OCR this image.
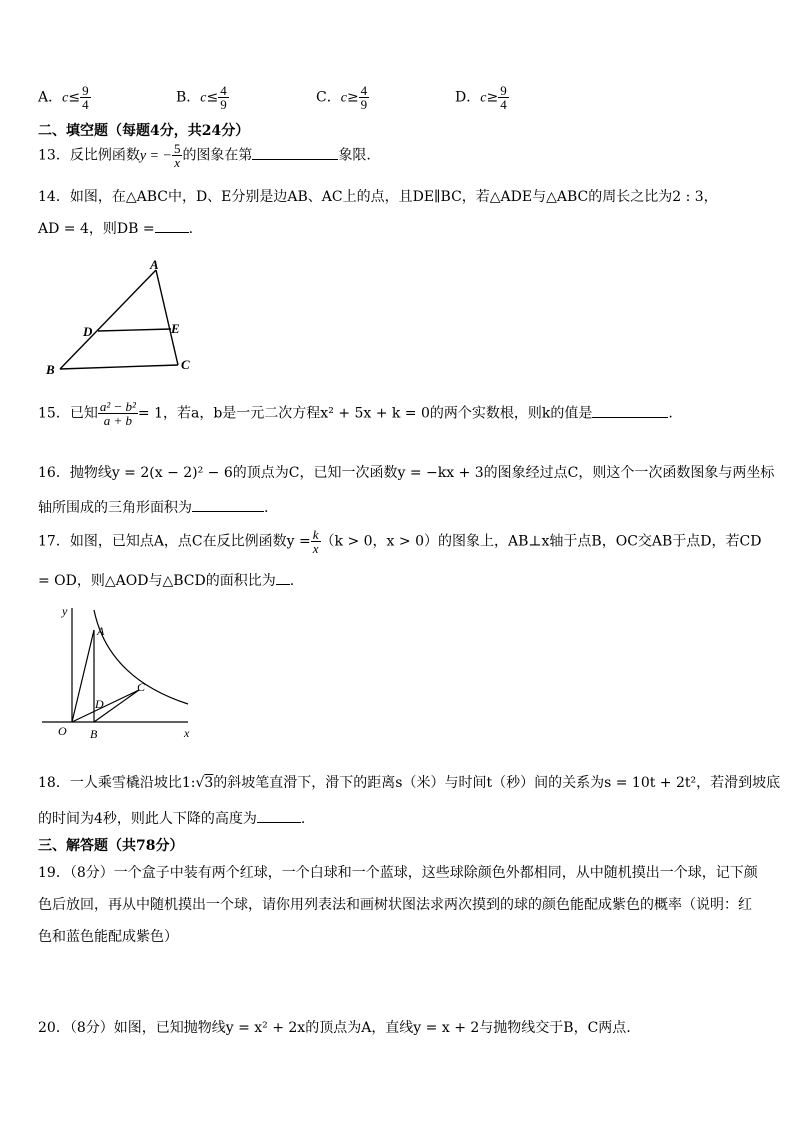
A．$c\le \frac{9}{4}$	B．$c\le \frac{4}{9}$	C．$c\ge \frac{4}{9}$	D．$c\ge \frac{9}{4}$
二、填空题（每题4分，共24分）
13．反比例函数y = − $\frac{5}{x}$ 的图象在第	象限.
14．如图，在△ABC中，D、E分别是边AB、AC上的点，且DE∥BC，若△ADE与△ABC的周长之比为2 : 3，
AD = 4，则DB = .
A
B	C
D	E
15．已知 $\frac{\text{a² − b²}}{a + b} = 1$，若a，b是一元二次方程x² + 5x + k = 0的两个实数根，则k的值是	.
16．抛物线y = 2(x − 2)² − 6的顶点为C，已知一次函数y = −kx + 3的图象经过点C，则这个一次函数图象与两坐标
轴所围成的三角形面积为	.
17．如图，已知点A，点C在反比例函数$y = \frac{k}{x} (k > 0$，x > 0）的图象上，AB⊥x轴于点B，OC交AB于点D，若CD
= OD，则△AOD与△BCD的面积比为 .
y
x
A
C
D
O B
18．一人乘雪橇沿坡比1:√3的斜坡笔直滑下，滑下的距离s（米）与时间t（秒）间的关系为s = 10t + 2t²，若滑到坡底
的时间为4秒，则此人下降的高度为	.
三、解答题（共78分）
19．（8分）一个盒子中装有两个红球，一个白球和一个蓝球，这些球除颜色外都相同，从中随机摸出一个球，记下颜
色后放回，再从中随机摸出一个球，请你用列表法和画树状图法求两次摸到的球的颜色能配成紫色的概率（说明：红
色和蓝色能配成紫色）
20．（8分）如图，已知抛物线y = x² + 2x的顶点为A，直线y = x + 2与抛物线交于B，C两点.
